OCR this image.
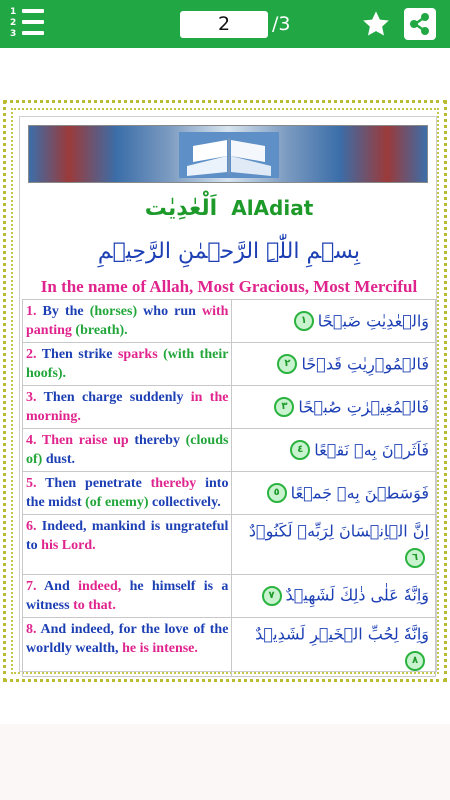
1
2
3	2	/3
اَلْعٰدِيٰت AlAdiat
بِسۡمِ اللّٰہِ الرَّحۡمٰنِ الرَّحِیۡمِ
In the name of Allah, Most Gracious, Most Merciful
1. By the (horses) who run with panting (breath).	وَالۡعٰدِيٰتِ ضَبۡحًا١
2. Then strike sparks (with their hoofs).	فَالۡمُوۡرِيٰتِ قَدۡحًا٢
3. Then charge suddenly in the morning.	فَالۡمُغِيۡرٰتِ صُبۡحًا٣
4. Then raise up thereby (clouds of) dust.	فَاَثَرۡنَ بِهٖ نَقۡعًا٤
5. Then penetrate thereby into the midst (of enemy) collectively.	فَوَسَطۡنَ بِهٖ جَمۡعًا٥
6. Indeed, mankind is ungrateful to his Lord.	اِنَّ الۡاِنۡسَانَ لِرَبِّهٖ لَكَنُوۡدٌ٦
7. And indeed, he himself is a witness to that.	وَاِنَّهٗ عَلٰى ذٰلِكَ لَشَهِيۡدٌ٧
8. And indeed, for the love of the worldly wealth, he is intense.	وَاِنَّهٗ لِحُبِّ الۡخَيۡرِ لَشَدِيۡدٌ٨
